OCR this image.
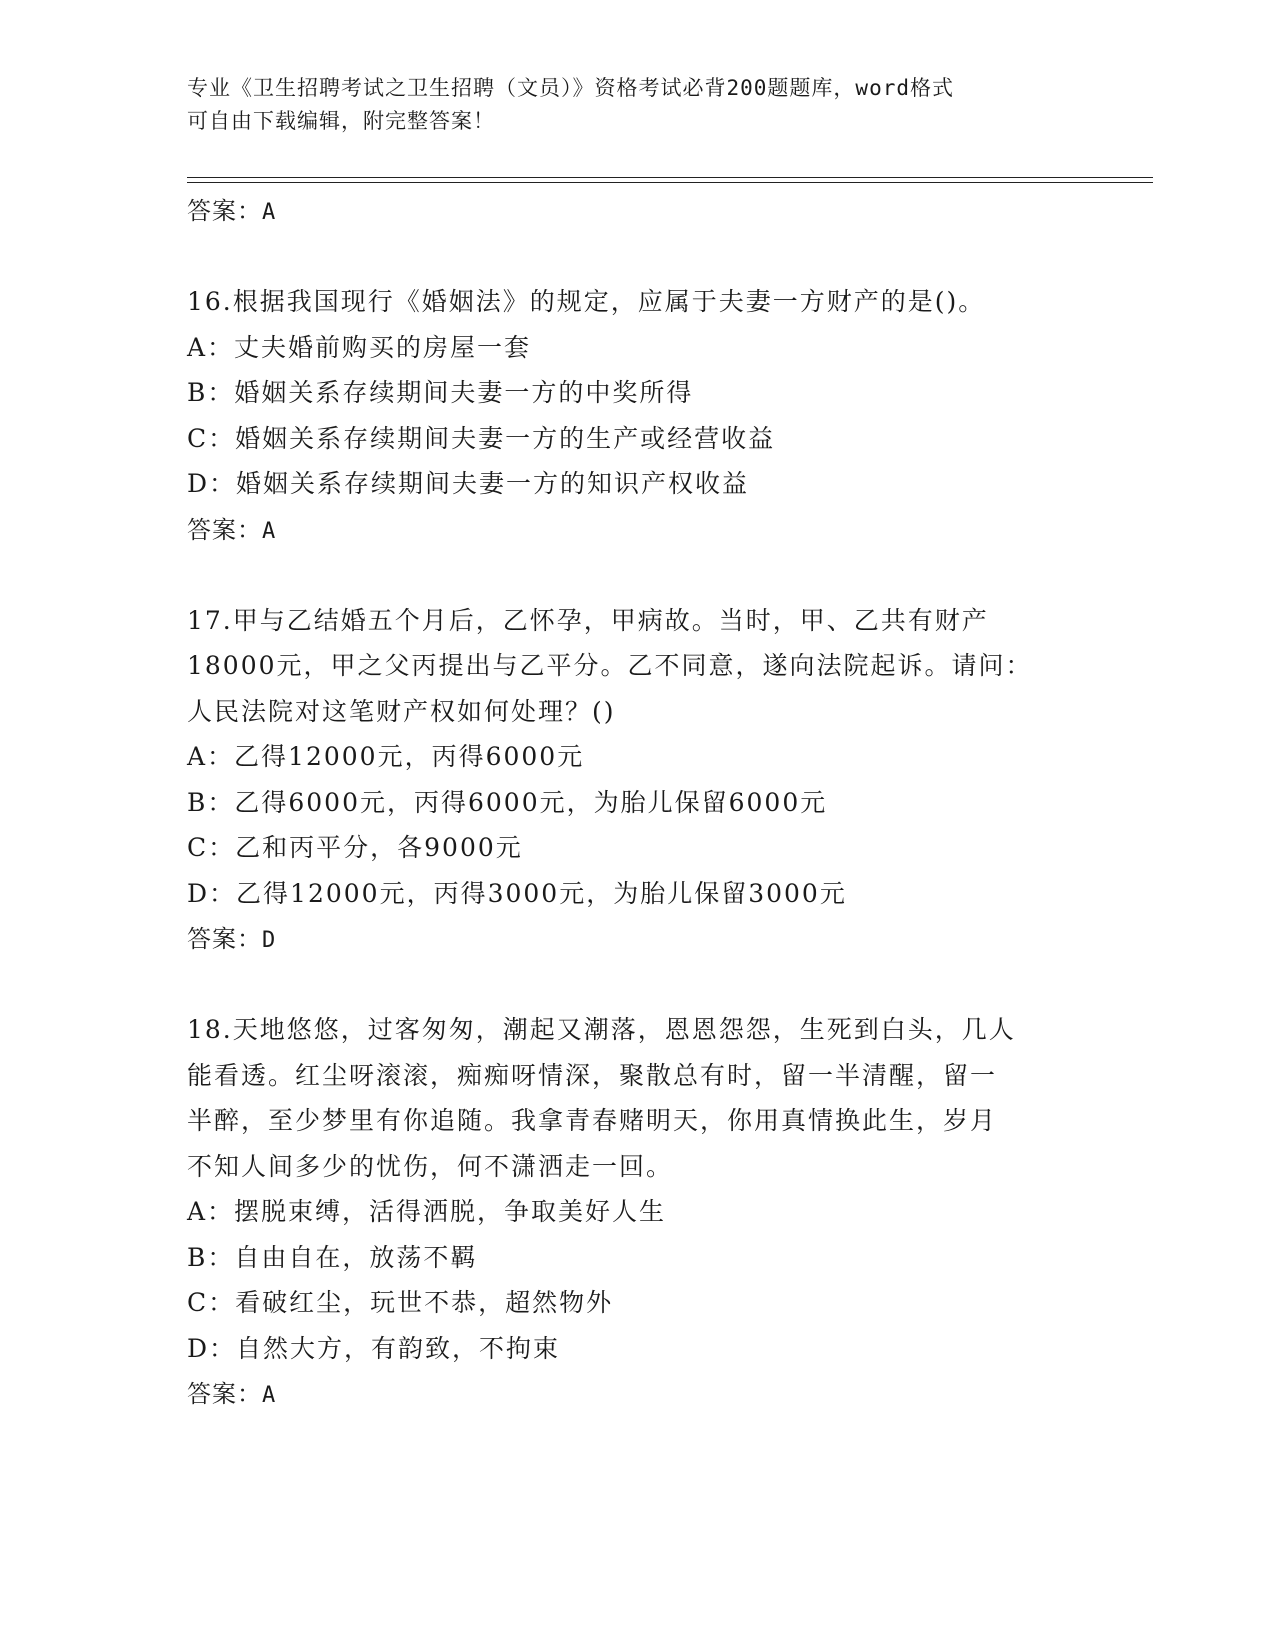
专业《卫生招聘考试之卫生招聘（文员）》资格考试必背200题题库，word格式
可自由下载编辑，附完整答案！
答案：A
16.根据我国现行《婚姻法》的规定，应属于夫妻一方财产的是()。
A：丈夫婚前购买的房屋一套
B：婚姻关系存续期间夫妻一方的中奖所得
C：婚姻关系存续期间夫妻一方的生产或经营收益
D：婚姻关系存续期间夫妻一方的知识产权收益
答案：A
17.甲与乙结婚五个月后，乙怀孕，甲病故。当时，甲、乙共有财产
18000元，甲之父丙提出与乙平分。乙不同意，遂向法院起诉。请问：
人民法院对这笔财产权如何处理？()
A：乙得12000元，丙得6000元
B：乙得6000元，丙得6000元，为胎儿保留6000元
C：乙和丙平分，各9000元
D：乙得12000元，丙得3000元，为胎儿保留3000元
答案：D
18.天地悠悠，过客匆匆，潮起又潮落，恩恩怨怨，生死到白头，几人
能看透。红尘呀滚滚，痴痴呀情深，聚散总有时，留一半清醒，留一
半醉，至少梦里有你追随。我拿青春赌明天，你用真情换此生，岁月
不知人间多少的忧伤，何不潇洒走一回。
A：摆脱束缚，活得洒脱，争取美好人生
B：自由自在，放荡不羁
C：看破红尘，玩世不恭，超然物外
D：自然大方，有韵致，不拘束
答案：A
